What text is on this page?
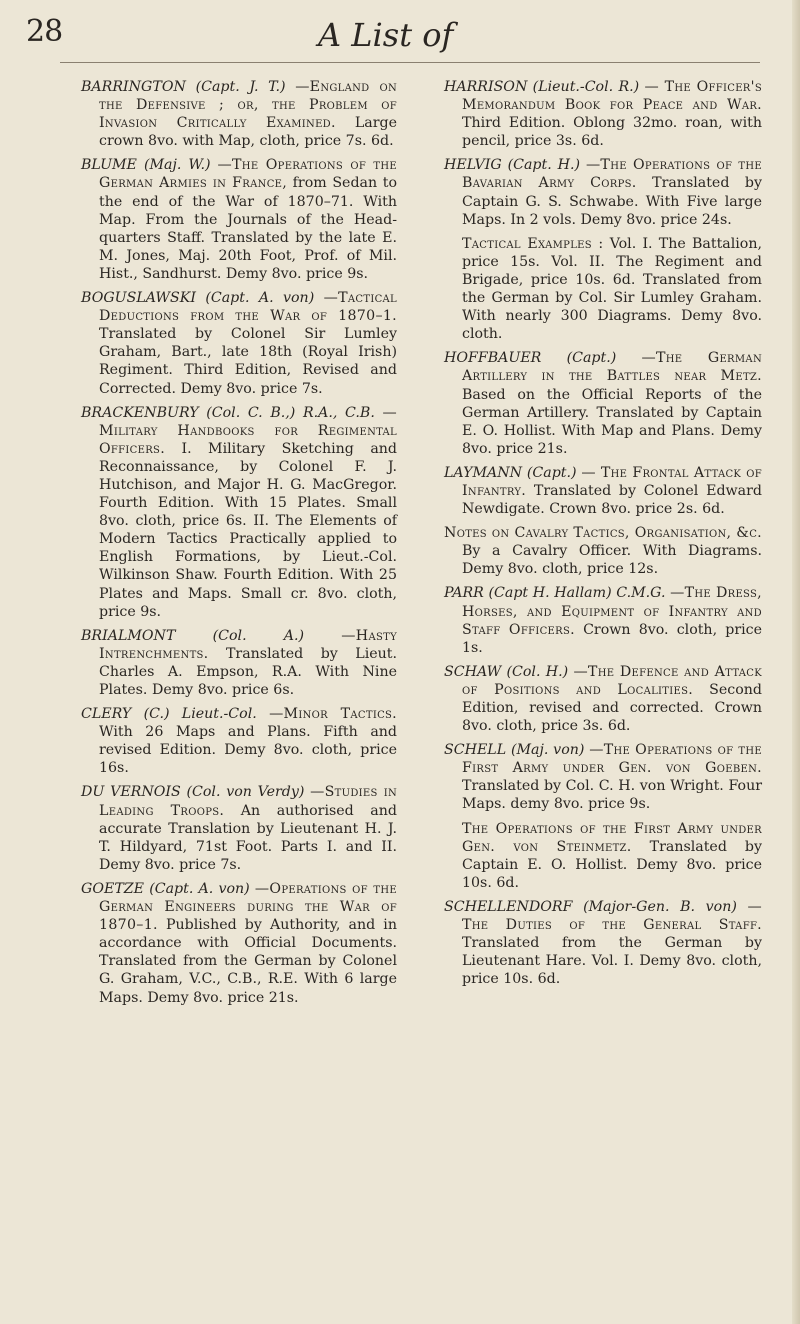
28	A List of

BARRINGTON (Capt. J. T.) —England on the Defensive ; or, the Problem of Invasion Critically Examined. Large crown 8vo. with Map, cloth, price 7s. 6d.

BLUME (Maj. W.) —The Operations of the German Armies in France, from Sedan to the end of the War of 1870–71. With Map. From the Journals of the Head-quarters Staff. Translated by the late E. M. Jones, Maj. 20th Foot, Prof. of Mil. Hist., Sandhurst. Demy 8vo. price 9s.

BOGUSLAWSKI (Capt. A. von) —Tactical Deductions from the War of 1870–1. Translated by Colonel Sir Lumley Graham, Bart., late 18th (Royal Irish) Regiment. Third Edition, Revised and Corrected. Demy 8vo. price 7s.

BRACKENBURY (Col. C. B.,) R.A., C.B. —Military Handbooks for Regimental Officers. I. Military Sketching and Reconnaissance, by Colonel F. J. Hutchison, and Major H. G. MacGregor. Fourth Edition. With 15 Plates. Small 8vo. cloth, price 6s. II. The Elements of Modern Tactics Practically applied to English Formations, by Lieut.-Col. Wilkinson Shaw. Fourth Edition. With 25 Plates and Maps. Small cr. 8vo. cloth, price 9s.

BRIALMONT	(Col. A.)	—Hasty Intrenchments. Translated by Lieut. Charles A. Empson, R.A. With Nine Plates. Demy 8vo. price 6s.

CLERY (C.) Lieut.-Col. —Minor Tactics. With 26 Maps and Plans. Fifth and revised Edition. Demy 8vo. cloth, price 16s.

DU VERNOIS (Col. von Verdy) —Studies in Leading Troops. An authorised and accurate Translation by Lieutenant H. J. T. Hildyard, 71st Foot. Parts I. and II. Demy 8vo. price 7s.

GOETZE (Capt. A. von) —Operations of the German Engineers during the War of 1870–1. Published by Authority, and in accordance with Official Documents. Translated from the German by Colonel G. Graham, V.C., C.B., R.E. With 6 large Maps. Demy 8vo. price 21s.

HARRISON (Lieut.-Col. R.) — The Officer's Memorandum Book for Peace and War. Third Edition. Oblong 32mo. roan, with pencil, price 3s. 6d.

HELVIG (Capt. H.) —The Operations of the Bavarian Army Corps. Translated by Captain G. S. Schwabe. With Five large Maps. In 2 vols. Demy 8vo. price 24s.

Tactical Examples : Vol. I. The Battalion, price 15s. Vol. II. The Regiment and Brigade, price 10s. 6d. Translated from the German by Col. Sir Lumley Graham. With nearly 300 Diagrams. Demy 8vo. cloth.

HOFFBAUER (Capt.) —The German Artillery in the Battles near Metz. Based on the Official Reports of the German Artillery. Translated by Captain E. O. Hollist. With Map and Plans. Demy 8vo. price 21s.

LAYMANN (Capt.) — The Frontal Attack of Infantry. Translated by Colonel Edward Newdigate. Crown 8vo. price 2s. 6d.

Notes on Cavalry Tactics, Organisation, &c. By a Cavalry Officer. With Diagrams. Demy 8vo. cloth, price 12s.

PARR (Capt H. Hallam) C.M.G. —The Dress, Horses, and Equipment of Infantry and Staff Officers. Crown 8vo. cloth, price 1s.

SCHAW (Col. H.) —The Defence and Attack of Positions and Localities. Second Edition, revised and corrected. Crown 8vo. cloth, price 3s. 6d.

SCHELL (Maj. von) —The Operations of the First Army under Gen. von Goeben. Translated by Col. C. H. von Wright. Four Maps. demy 8vo. price 9s.

The Operations of the First Army under Gen. von Steinmetz. Translated by Captain E. O. Hollist. Demy 8vo. price 10s. 6d.

SCHELLENDORF (Major-Gen. B. von) —The Duties of the General Staff. Translated from the German by Lieutenant Hare. Vol. I. Demy 8vo. cloth, price 10s. 6d.
